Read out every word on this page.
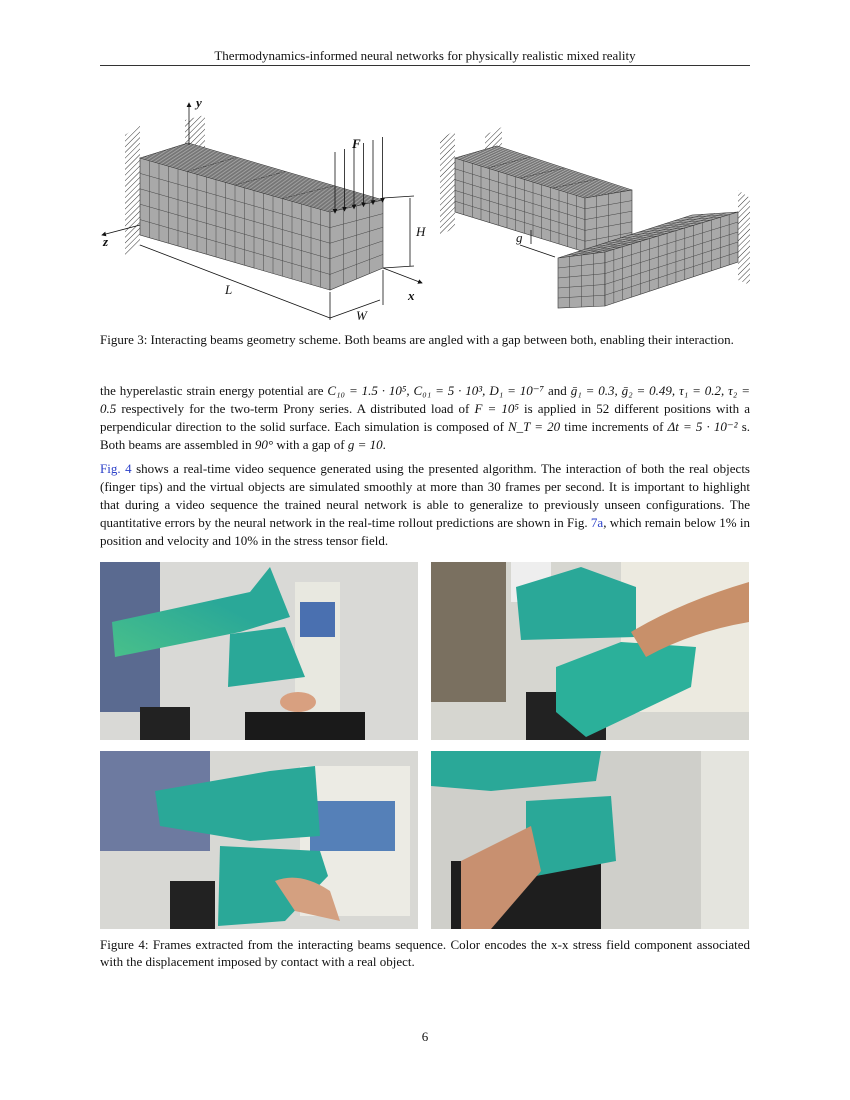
Thermodynamics-informed neural networks for physically realistic mixed reality
y
z
x
F
H
L
W
g

Figure 3: Interacting beams geometry scheme. Both beams are angled with a gap between both, enabling their interaction.

the hyperelastic strain energy potential are C₁₀ = 1.5 · 10⁵, C₀₁ = 5 · 10³, D₁ = 10⁻⁷ and ḡ₁ = 0.3, ḡ₂ = 0.49, τ₁ = 0.2, τ₂ = 0.5 respectively for the two-term Prony series. A distributed load of F = 10⁵ is applied in 52 different positions with a perpendicular direction to the solid surface. Each simulation is composed of N_T = 20 time increments of Δt = 5 · 10⁻² s. Both beams are assembled in 90° with a gap of g = 10.

Fig. 4 shows a real-time video sequence generated using the presented algorithm. The interaction of both the real objects (finger tips) and the virtual objects are simulated smoothly at more than 30 frames per second. It is important to highlight that during a video sequence the trained neural network is able to generalize to previously unseen configurations. The quantitative errors by the neural network in the real-time rollout predictions are shown in Fig. 7a, which remain below 1% in position and velocity and 10% in the stress tensor field.

Figure 4: Frames extracted from the interacting beams sequence. Color encodes the x-x stress field component associated with the displacement imposed by contact with a real object.

6
